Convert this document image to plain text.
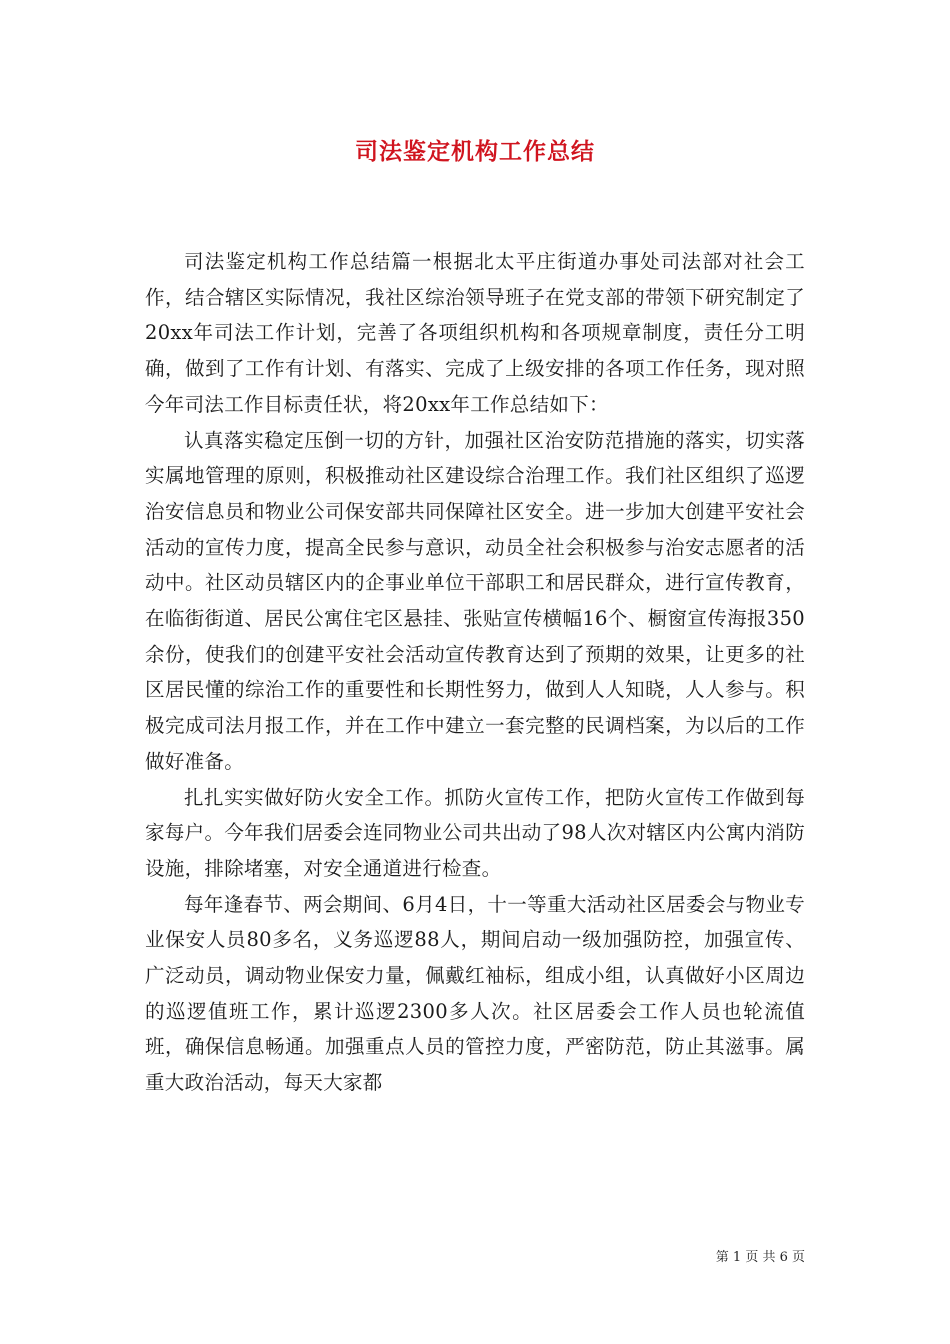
司法鉴定机构工作总结

司法鉴定机构工作总结篇一根据北太平庄街道办事处司法部对社会工作，结合辖区实际情况，我社区综治领导班子在党支部的带领下研究制定了20xx年司法工作计划，完善了各项组织机构和各项规章制度，责任分工明确，做到了工作有计划、有落实、完成了上级安排的各项工作任务，现对照今年司法工作目标责任状，将20xx年工作总结如下：

认真落实稳定压倒一切的方针，加强社区治安防范措施的落实，切实落实属地管理的原则，积极推动社区建设综合治理工作。我们社区组织了巡逻治安信息员和物业公司保安部共同保障社区安全。进一步加大创建平安社会活动的宣传力度，提高全民参与意识，动员全社会积极参与治安志愿者的活动中。社区动员辖区内的企事业单位干部职工和居民群众，进行宣传教育，在临街街道、居民公寓住宅区悬挂、张贴宣传横幅16个、橱窗宣传海报350余份，使我们的创建平安社会活动宣传教育达到了预期的效果，让更多的社区居民懂的综治工作的重要性和长期性努力，做到人人知晓，人人参与。积极完成司法月报工作，并在工作中建立一套完整的民调档案，为以后的工作做好准备。

扎扎实实做好防火安全工作。抓防火宣传工作，把防火宣传工作做到每家每户。今年我们居委会连同物业公司共出动了98人次对辖区内公寓内消防设施，排除堵塞，对安全通道进行检查。

每年逢春节、两会期间、6月4日，十一等重大活动社区居委会与物业专业保安人员80多名，义务巡逻88人，期间启动一级加强防控，加强宣传、广泛动员，调动物业保安力量，佩戴红袖标，组成小组，认真做好小区周边的巡逻值班工作，累计巡逻2300多人次。社区居委会工作人员也轮流值班，确保信息畅通。加强重点人员的管控力度，严密防范，防止其滋事。属重大政治活动，每天大家都

第 1 页 共 6 页
